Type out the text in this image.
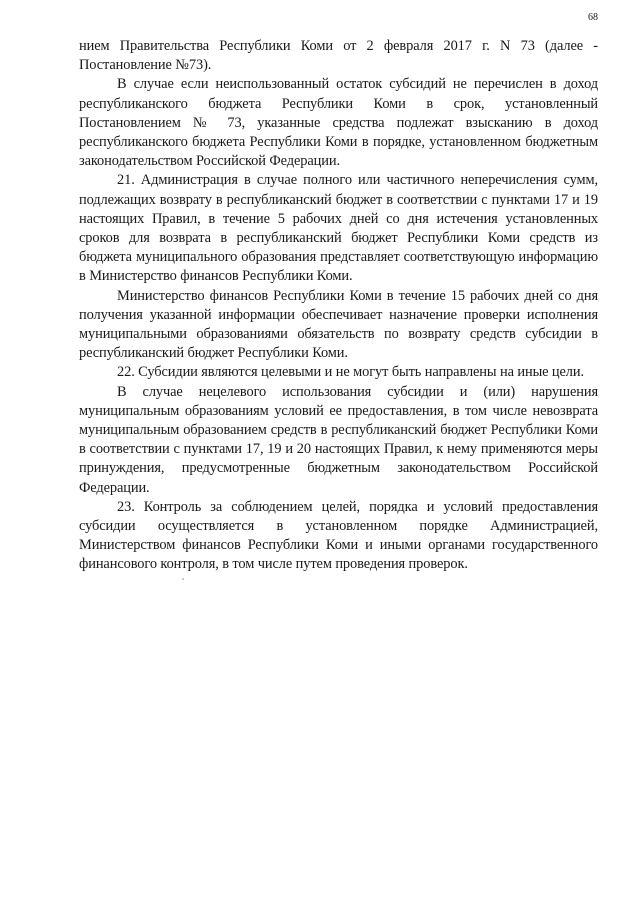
68

нием Правительства Республики Коми от 2 февраля 2017 г. N 73 (далее - Постановление №73).

В случае если неиспользованный остаток субсидий не перечислен в доход республиканского бюджета Республики Коми в срок, установленный Постановлением № 73, указанные средства подлежат взысканию в доход республиканского бюджета Республики Коми в порядке, установленном бюджетным законодательством Российской Федерации.

21. Администрация в случае полного или частичного неперечисления сумм, подлежащих возврату в республиканский бюджет в соответствии с пунктами 17 и 19 настоящих Правил, в течение 5 рабочих дней со дня истечения установленных сроков для возврата в республиканский бюджет Республики Коми средств из бюджета муниципального образования представляет соответствующую информацию в Министерство финансов Республики Коми.

Министерство финансов Республики Коми в течение 15 рабочих дней со дня получения указанной информации обеспечивает назначение проверки исполнения муниципальными образованиями обязательств по возврату средств субсидии в республиканский бюджет Республики Коми.

22. Субсидии являются целевыми и не могут быть направлены на иные цели.

В случае нецелевого использования субсидии и (или) нарушения муниципальным образованиям условий ее предоставления, в том числе невозврата муниципальным образованием средств в республиканский бюджет Республики Коми в соответствии с пунктами 17, 19 и 20 настоящих Правил, к нему применяются меры принуждения, предусмотренные бюджетным законодательством Российской Федерации.

23. Контроль за соблюдением целей, порядка и условий предоставления субсидии осуществляется в установленном порядке Администрацией, Министерством финансов Республики Коми и иными органами государственного финансового контроля, в том числе путем проведения проверок.
